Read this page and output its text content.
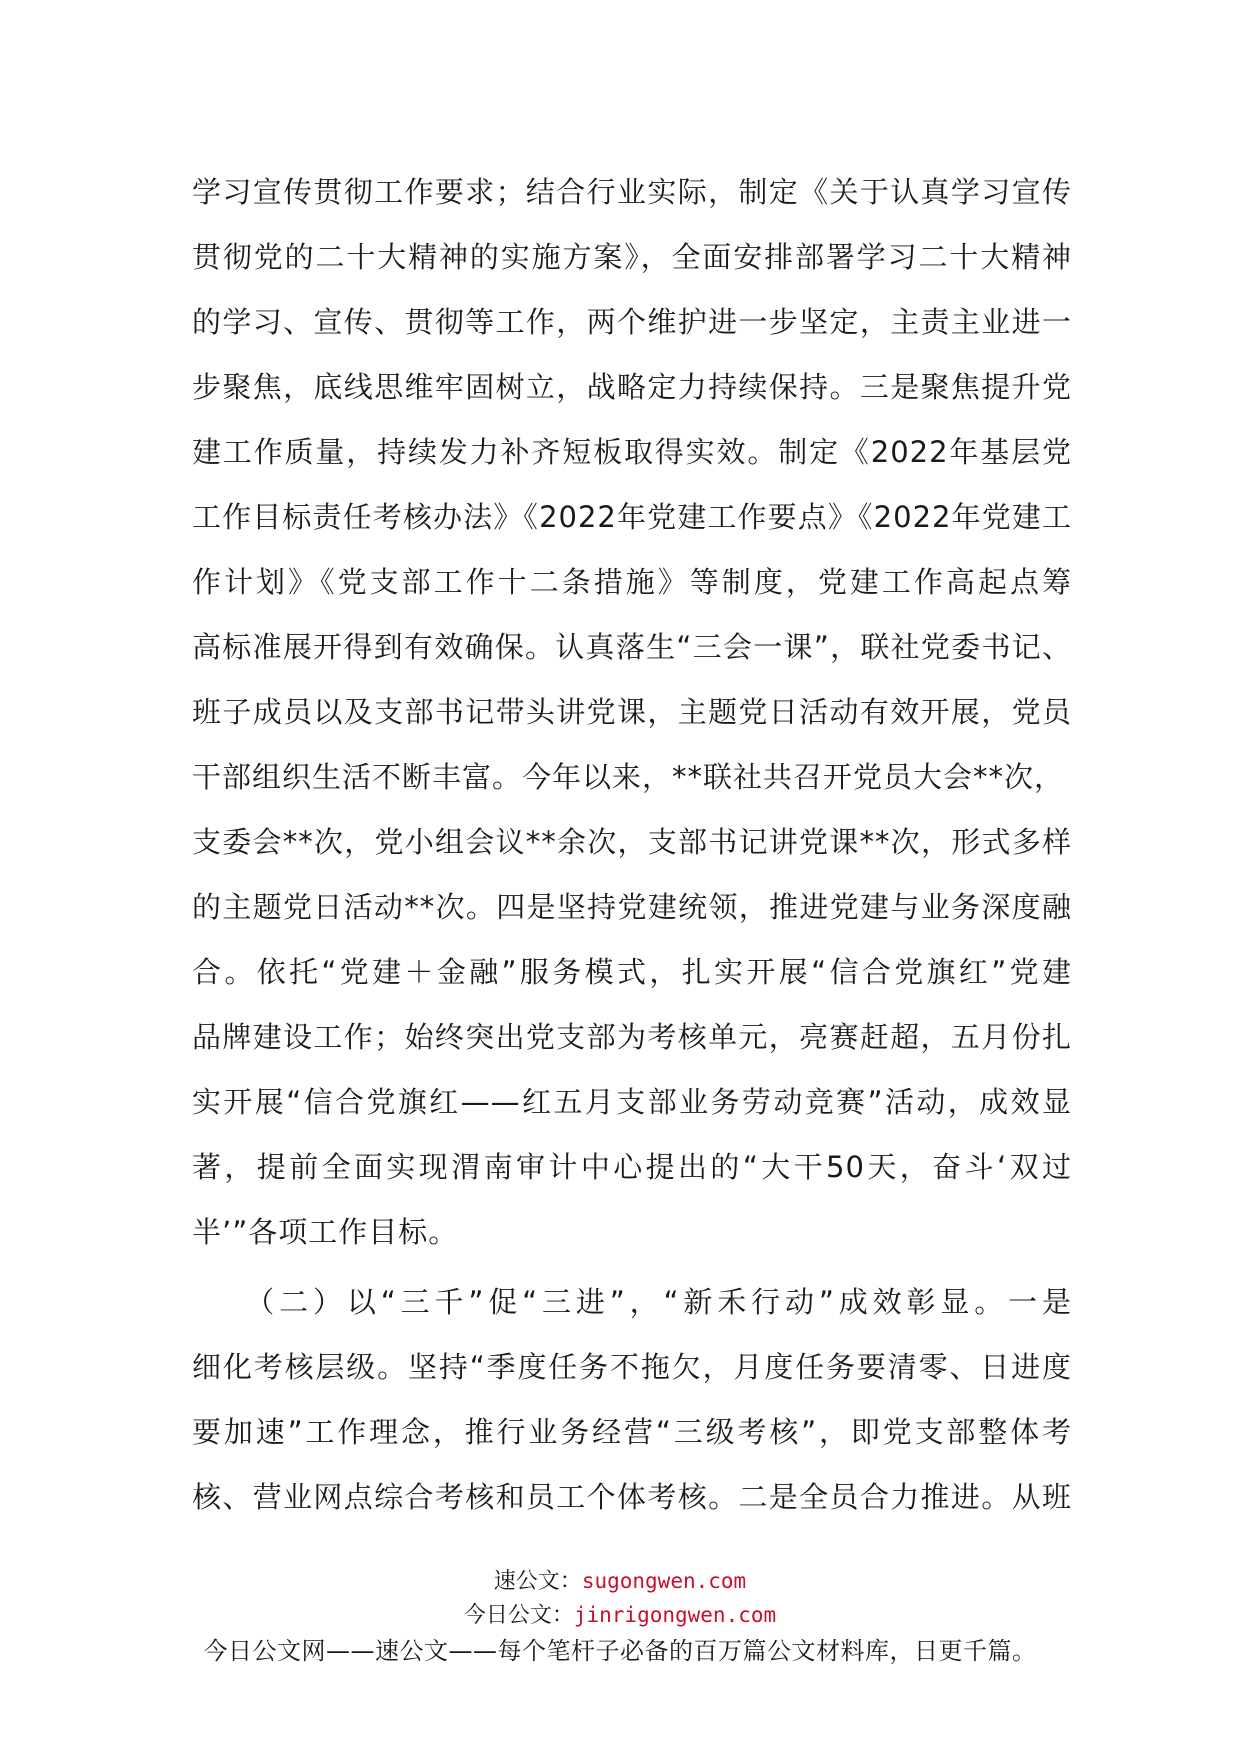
学习宣传贯彻工作要求；结合行业实际，制定《关于认真学习宣传
贯彻党的二十大精神的实施方案》，全面安排部署学习二十大精神
的学习、宣传、贯彻等工作，两个维护进一步坚定，主责主业进一
步聚焦，底线思维牢固树立，战略定力持续保持。三是聚焦提升党
建工作质量，持续发力补齐短板取得实效。制定《2022年基层党
工作目标责任考核办法》《2022年党建工作要点》《2022年党建工
作计划》《党支部工作十二条措施》等制度，党建工作高起点筹
高标准展开得到有效确保。认真落生“三会一课”，联社党委书记、
班子成员以及支部书记带头讲党课，主题党日活动有效开展，党员
干部组织生活不断丰富。今年以来，**联社共召开党员大会**次，
支委会**次，党小组会议**余次，支部书记讲党课**次，形式多样
的主题党日活动**次。四是坚持党建统领，推进党建与业务深度融
合。依托“党建＋金融”服务模式，扎实开展“信合党旗红”党建
品牌建设工作；始终突出党支部为考核单元，亮赛赶超，五月份扎
实开展“信合党旗红——红五月支部业务劳动竞赛”活动，成效显
著，提前全面实现渭南审计中心提出的“大干50天，奋斗‘双过
半’”各项工作目标。
　　（二）以“三千”促“三进”，“新禾行动”成效彰显。一是
细化考核层级。坚持“季度任务不拖欠，月度任务要清零、日进度
要加速”工作理念，推行业务经营“三级考核”，即党支部整体考
核、营业网点综合考核和员工个体考核。二是全员合力推进。从班
速公文：sugongwen.com
今日公文：jinrigongwen.com
今日公文网——速公文——每个笔杆子必备的百万篇公文材料库，日更千篇。
